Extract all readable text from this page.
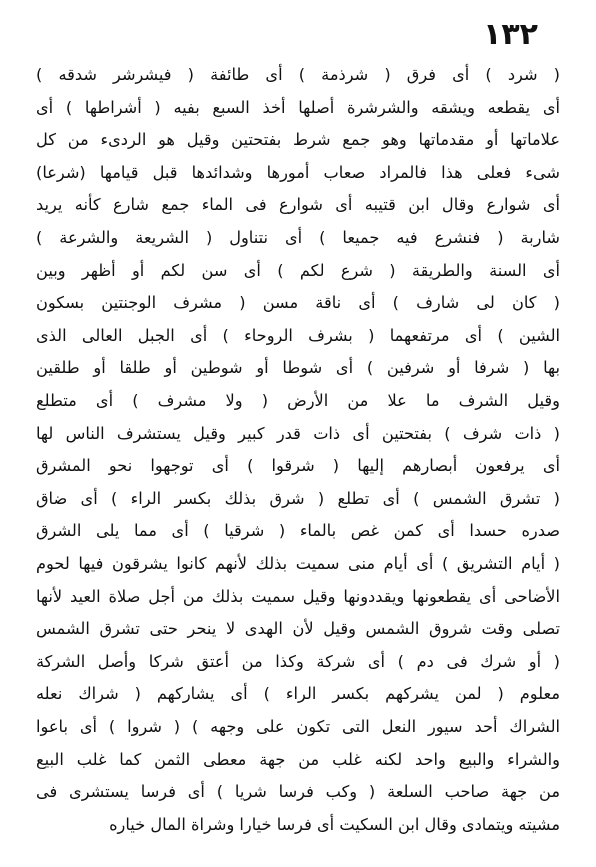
١٣٢
( شرد ) أى فرق ( شرذمة ) أى طائفة ( فيشرشر شدقه )
أى يقطعه ويشقه والشرشرة أصلها أخذ السبع بفيه ( أشراطها ) أى
علاماتها أو مقدماتها وهو جمع شرط بفتحتين وقيل هو الردىء من كل
شىء فعلى هذا فالمراد صعاب أمورها وشدائدها قبل قيامها (شرعا)
أى شوارع وقال ابن قتيبه أى شوارع فى الماء جمع شارع كأنه يريد
شاربة ( فنشرع فيه جميعا ) أى نتناول ( الشريعة والشرعة )
أى السنة والطريقة ( شرع لكم ) أى سن لكم أو أظهر وبين
( كان لى شارف ) أى ناقة مسن ( مشرف الوجنتين بسكون
الشين ) أى مرتفعهما ( بشرف الروحاء ) أى الجبل العالى الذى
بها ( شرفا أو شرفين ) أى شوطا أو شوطين أو طلقا أو طلقين
وقيل الشرف ما علا من الأرض ( ولا مشرف ) أى متطلع
( ذات شرف ) بفتحتين أى ذات قدر كبير وقيل يستشرف الناس لها
أى يرفعون أبصارهم إليها ( شرقوا ) أى توجهوا نحو المشرق
( تشرق الشمس ) أى تطلع ( شرق بذلك بكسر الراء ) أى ضاق
صدره حسدا أى كمن غص بالماء ( شرقيا ) أى مما يلى الشرق
( أيام التشريق ) أى أيام منى سميت بذلك لأنهم كانوا يشرقون فيها لحوم
الأضاحى أى يقطعونها ويقددونها وقيل سميت بذلك من أجل صلاة العيد لأنها
تصلى وقت شروق الشمس وقيل لأن الهدى لا ينحر حتى تشرق الشمس
( أو شرك فى دم ) أى شركة وكذا من أعتق شركا وأصل الشركة
معلوم ( لمن يشركهم بكسر الراء ) أى يشاركهم ( شراك نعله
الشراك أحد سيور النعل التى تكون على وجهه ) ( شروا ) أى باعوا
والشراء والبيع واحد لكنه غلب من جهة معطى الثمن كما غلب البيع
من جهة صاحب السلعة ( وكب فرسا شريا ) أى فرسا يستشرى فى
مشيته ويتمادى وقال ابن السكيت أى فرسا خيارا وشراة المال خياره
